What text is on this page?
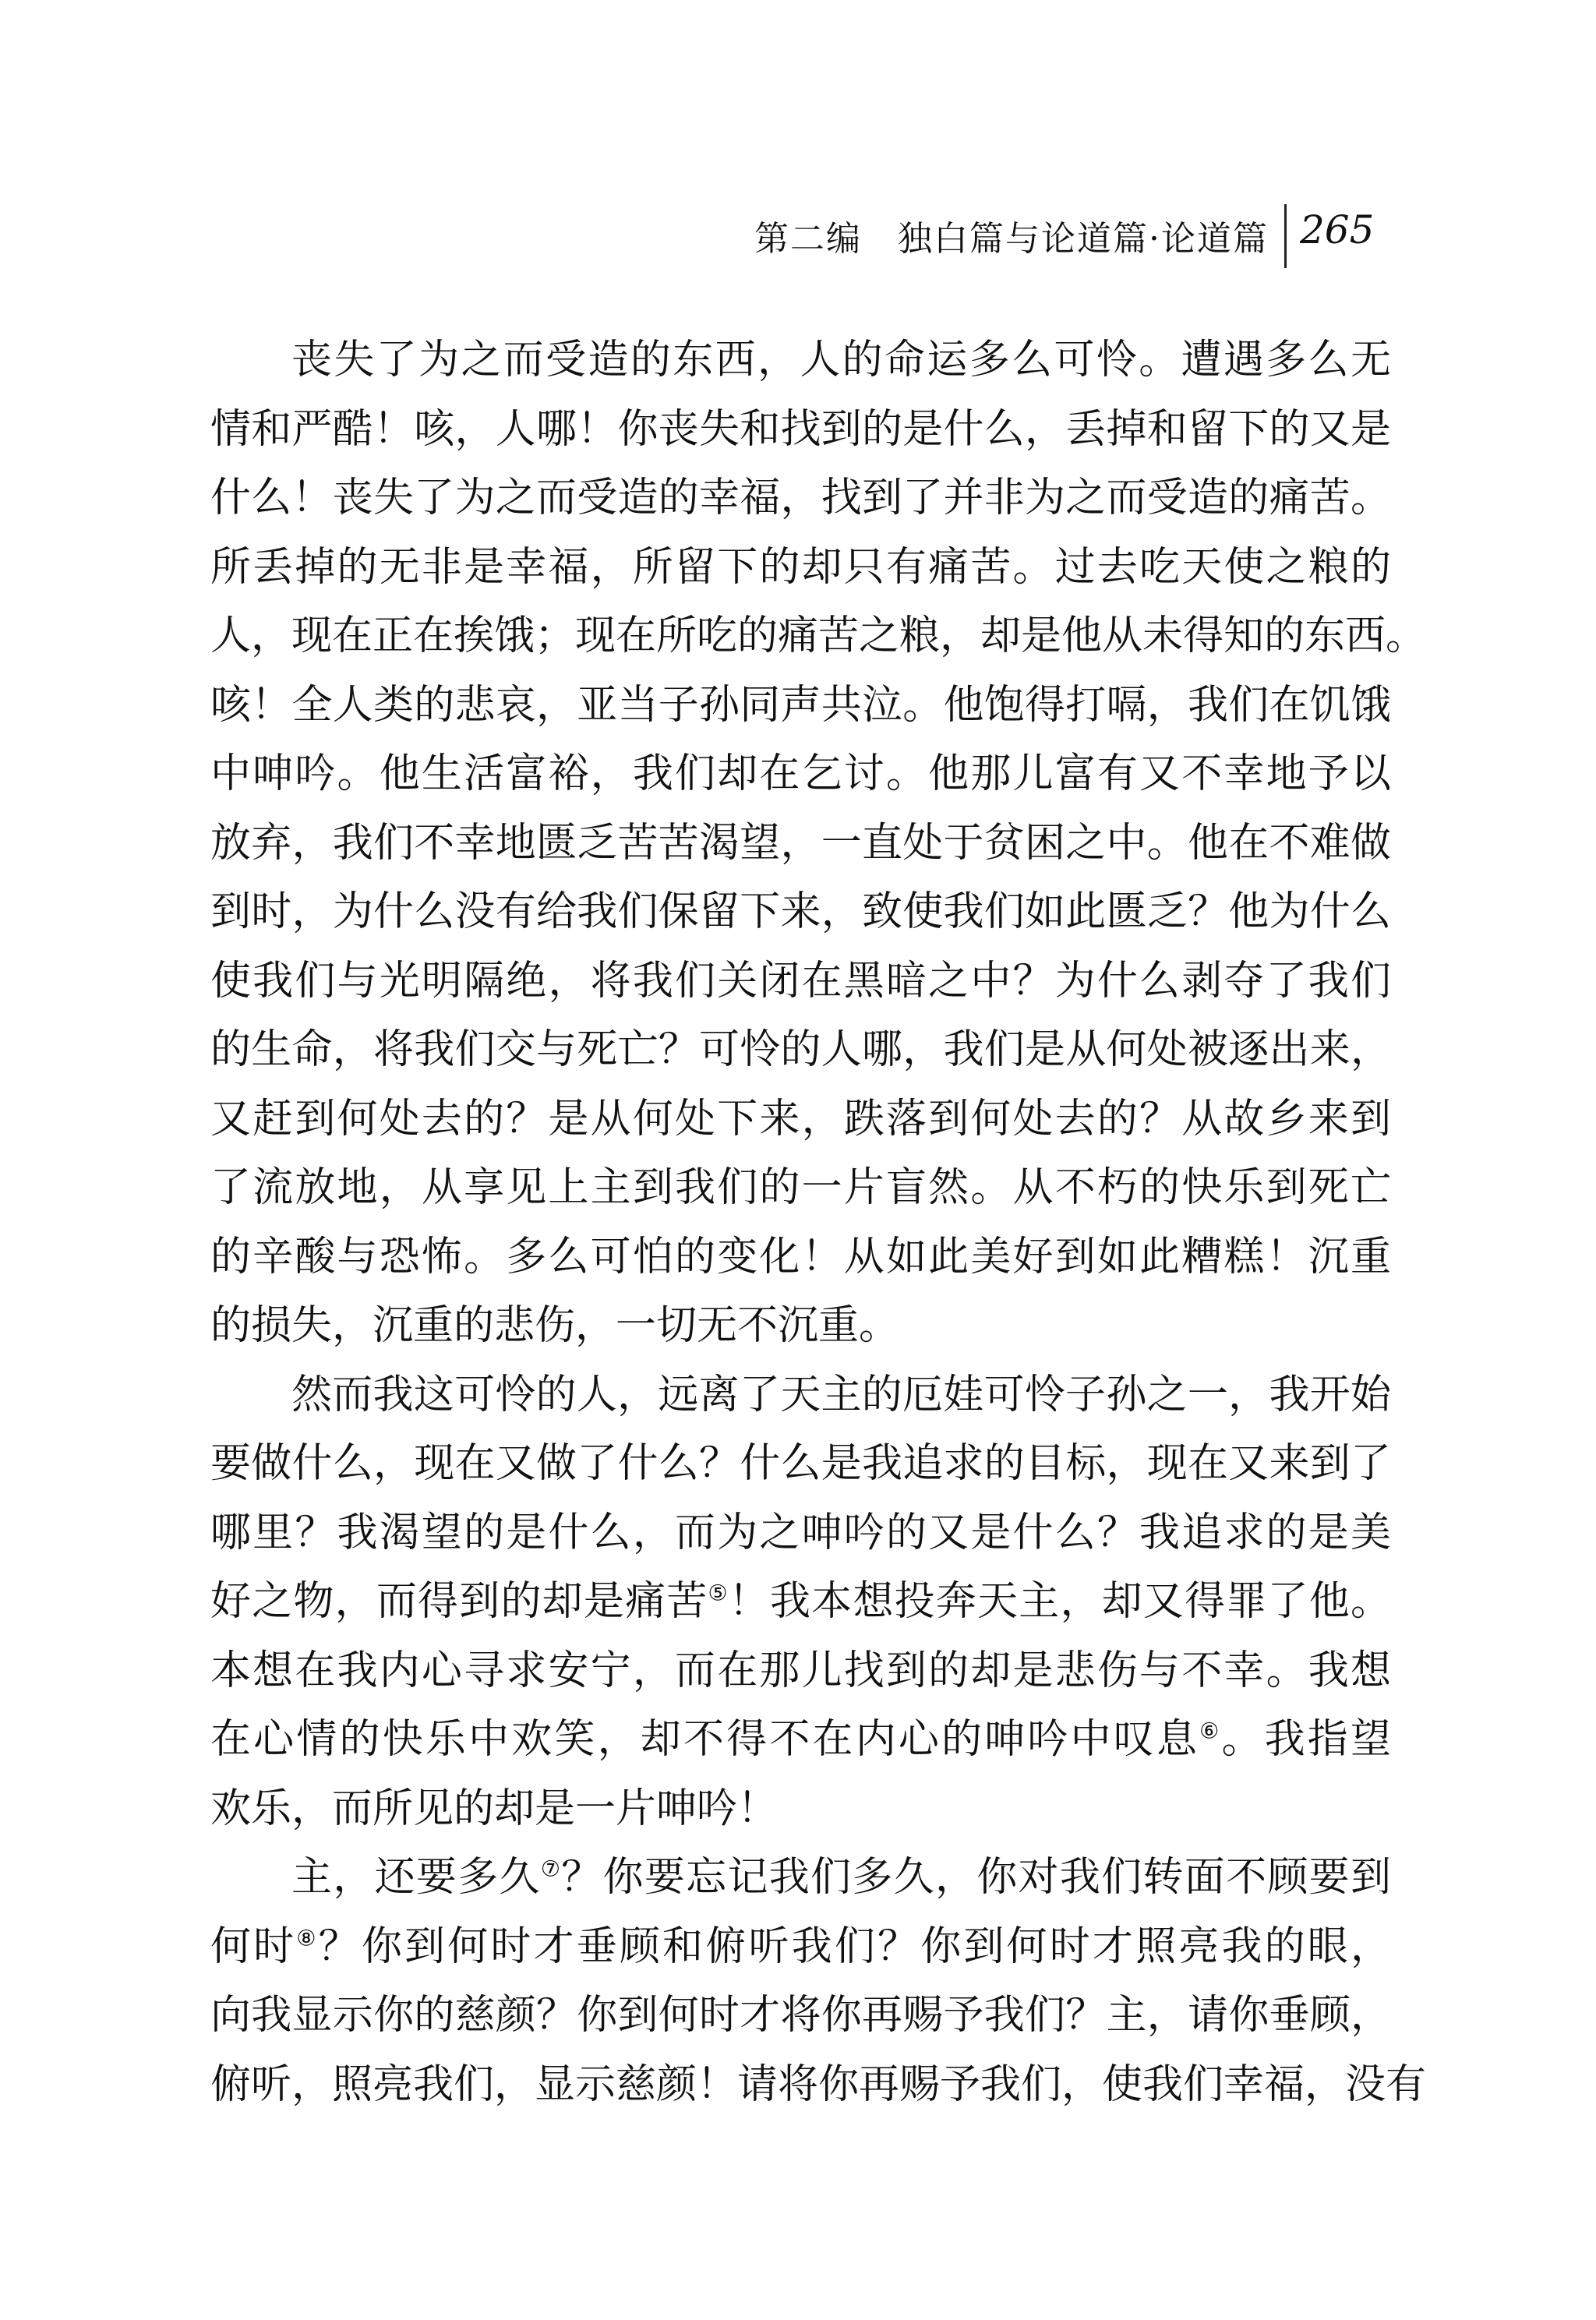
第二编　独白篇与论道篇·论道篇 265
丧失了为之而受造的东西，人的命运多么可怜。遭遇多么无
情和严酷！咳，人哪！你丧失和找到的是什么，丢掉和留下的又是
什么！丧失了为之而受造的幸福，找到了并非为之而受造的痛苦。
所丢掉的无非是幸福，所留下的却只有痛苦。过去吃天使之粮的
人，现在正在挨饿；现在所吃的痛苦之粮，却是他从未得知的东西。
咳！全人类的悲哀，亚当子孙同声共泣。他饱得打嗝，我们在饥饿
中呻吟。他生活富裕，我们却在乞讨。他那儿富有又不幸地予以
放弃，我们不幸地匮乏苦苦渴望，一直处于贫困之中。他在不难做
到时，为什么没有给我们保留下来，致使我们如此匮乏？他为什么
使我们与光明隔绝，将我们关闭在黑暗之中？为什么剥夺了我们
的生命，将我们交与死亡？可怜的人哪，我们是从何处被逐出来，
又赶到何处去的？是从何处下来，跌落到何处去的？从故乡来到
了流放地，从享见上主到我们的一片盲然。从不朽的快乐到死亡
的辛酸与恐怖。多么可怕的变化！从如此美好到如此糟糕！沉重
的损失，沉重的悲伤，一切无不沉重。
然而我这可怜的人，远离了天主的厄娃可怜子孙之一，我开始
要做什么，现在又做了什么？什么是我追求的目标，现在又来到了
哪里？我渴望的是什么，而为之呻吟的又是什么？我追求的是美
好之物，而得到的却是痛苦⑤！我本想投奔天主，却又得罪了他。
本想在我内心寻求安宁，而在那儿找到的却是悲伤与不幸。我想
在心情的快乐中欢笑，却不得不在内心的呻吟中叹息⑥。我指望
欢乐，而所见的却是一片呻吟！
主，还要多久⑦？你要忘记我们多久，你对我们转面不顾要到
何时⑧？你到何时才垂顾和俯听我们？你到何时才照亮我的眼，
向我显示你的慈颜？你到何时才将你再赐予我们？主，请你垂顾，
俯听，照亮我们，显示慈颜！请将你再赐予我们，使我们幸福，没有
